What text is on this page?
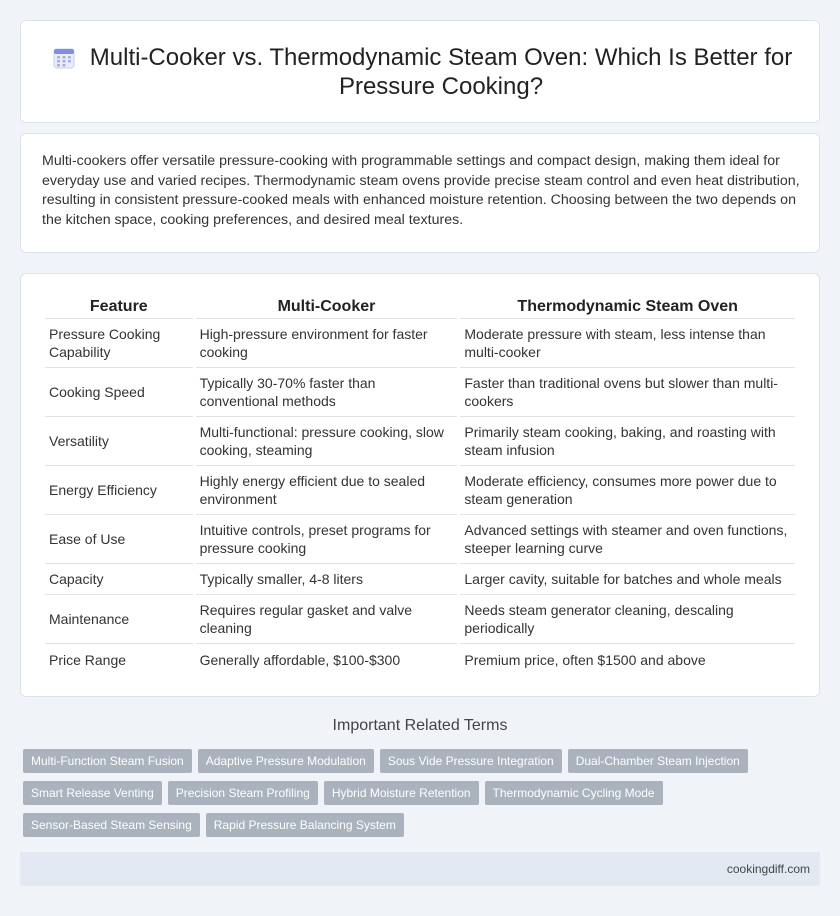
Multi-Cooker vs. Thermodynamic Steam Oven: Which Is Better for Pressure Cooking?

Multi-cookers offer versatile pressure-cooking with programmable settings and compact design, making them ideal for everyday use and varied recipes. Thermodynamic steam ovens provide precise steam control and even heat distribution, resulting in consistent pressure-cooked meals with enhanced moisture retention. Choosing between the two depends on the kitchen space, cooking preferences, and desired meal textures.

Feature	Multi-Cooker	Thermodynamic Steam Oven
Pressure Cooking Capability	High-pressure environment for faster cooking	Moderate pressure with steam, less intense than multi-cooker
Cooking Speed	Typically 30-70% faster than conventional methods	Faster than traditional ovens but slower than multi-cookers
Versatility	Multi-functional: pressure cooking, slow cooking, steaming	Primarily steam cooking, baking, and roasting with steam infusion
Energy Efficiency	Highly energy efficient due to sealed environment	Moderate efficiency, consumes more power due to steam generation
Ease of Use	Intuitive controls, preset programs for pressure cooking	Advanced settings with steamer and oven functions, steeper learning curve
Capacity	Typically smaller, 4-8 liters	Larger cavity, suitable for batches and whole meals
Maintenance	Requires regular gasket and valve cleaning	Needs steam generator cleaning, descaling periodically
Price Range	Generally affordable, $100-$300	Premium price, often $1500 and above
Important Related Terms
Multi-Function Steam Fusion	Adaptive Pressure Modulation	Sous Vide Pressure Integration	Dual-Chamber Steam Injection
Smart Release Venting	Precision Steam Profiling	Hybrid Moisture Retention	Thermodynamic Cycling Mode
Sensor-Based Steam Sensing	Rapid Pressure Balancing System
cookingdiff.com
